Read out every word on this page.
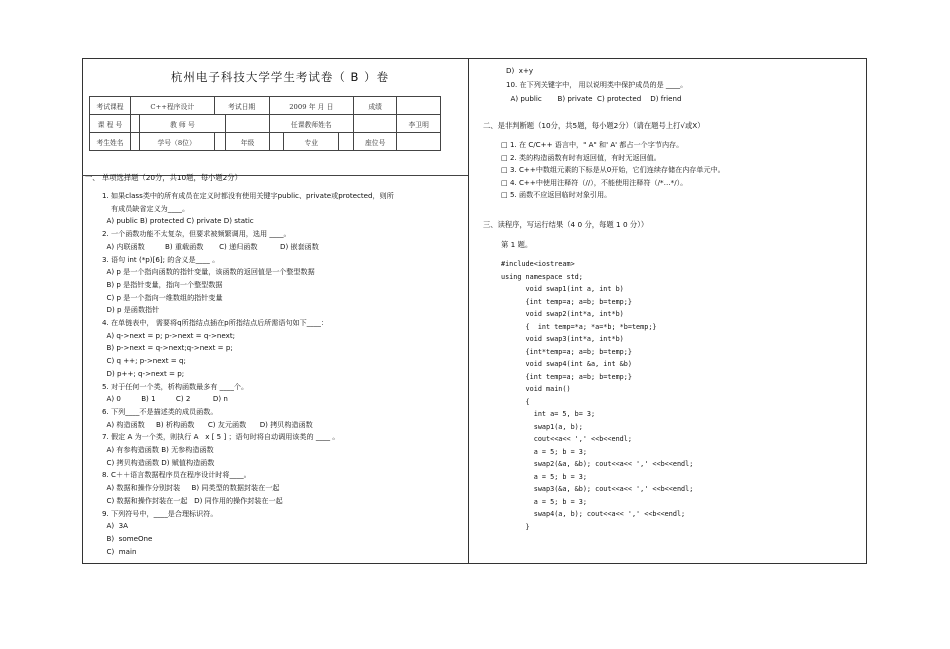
杭州电子科技大学学生考试卷（ B ）卷
考试课程	C++程序设计		考试日期		2009 年 月 日			成绩	
课 程 号		教 师 号			任课教师姓名				李卫明
考生姓名		学号（8位）		年级		专业		座位号	
一、 单项选择题（20分，共10题，每小题2分）
1. 如果class类中的所有成员在定义时都没有使用关键字public、private或protected，则所
有成员缺省定义为____。
A) public B) protected C) private D) static
2. 一个函数功能不太复杂，但要求被频繁调用，选用 ____。
A) 内联函数         B) 重载函数       C) 递归函数          D) 嵌套函数
3. 语句 int (*p)[6]; 的含义是____ 。
A) p 是一个指向函数的指针变量，该函数的返回值是一个整型数据
B) p 是指针变量，指向一个整型数据
C) p 是一个指向一维数组的指针变量
D) p 是函数指针
4. 在单链表中， 需要将q所指结点插在p所指结点后所需语句如下____：
A) q->next = p; p->next = q->next;
B) p->next = q->next;q->next = p;
C) q ++; p->next = q;
D) p++; q->next = p;
5. 对于任何一个类，析构函数最多有 ____个。
A) 0         B) 1         C) 2          D) n
6. 下列____不是描述类的成员函数。
A) 构造函数     B) 析构函数      C) 友元函数      D) 拷贝构造函数
7. 假定 A 为一个类，则执行 A   x [ 5 ] ；语句时将自动调用该类的 ____ 。
A) 有参构造函数 B) 无参构造函数
C) 拷贝构造函数 D) 赋值构造函数
8. C＋＋语言数据程序员在程序设计时将____。
A) 数据和操作分别封装     B) 同类型的数据封装在一起
C) 数据和操作封装在一起   D) 同作用的操作封装在一起
9. 下列符号中，____是合理标识符。
A)  3A
B)  someOne
C)  main
D)  x+y
10. 在下列关键字中， 用以说明类中保护成员的是 ____。
A) public       B) private  C) protected    D) friend
二、是非判断题（10分，共5题，每小题2分）（请在题号上打√或X）
□ 1. 在 C/C++ 语言中，" A" 和' A' 都占一个字节内存。
□ 2. 类的构造函数有时有返回值，有时无返回值。
□ 3. C++中数组元素的下标是从0开始，它们连续存储在内存单元中。
□ 4. C++中使用注释符（//），不能使用注释符（/*…*/）。
□ 5. 函数不应返回临时对象引用。
三、读程序，写运行结果（4 0 分，每题 1 0 分））
第 1 题。
#include<iostream>
using namespace std;
void swap1(int a, int b)
{int temp=a; a=b; b=temp;}
void swap2(int*a, int*b)
{  int temp=*a; *a=*b; *b=temp;}
void swap3(int*a, int*b)
{int*temp=a; a=b; b=temp;}
void swap4(int &a, int &b)
{int temp=a; a=b; b=temp;}
void main()
{
int a= 5, b= 3;
swap1(a, b);
cout<<a<< ',' <<b<<endl;
a = 5; b = 3;
swap2(&a, &b); cout<<a<< ',' <<b<<endl;
a = 5; b = 3;
swap3(&a, &b); cout<<a<< ',' <<b<<endl;
a = 5; b = 3;
swap4(a, b); cout<<a<< ',' <<b<<endl;
}
